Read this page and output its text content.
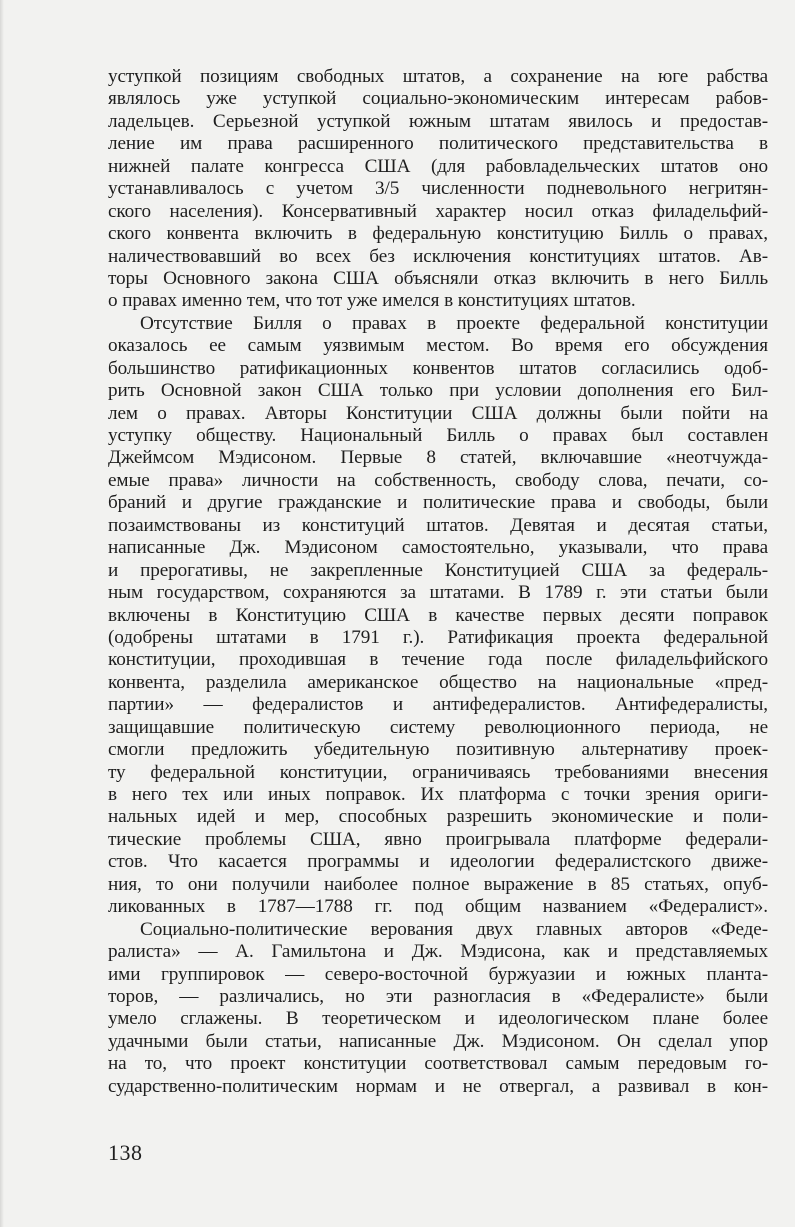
уступкой позициям свободных штатов, а сохранение на юге рабства
являлось уже уступкой социально-экономическим интересам рабов-
ладельцев. Серьезной уступкой южным штатам явилось и предостав-
ление им права расширенного политического представительства в
нижней палате конгресса США (для рабовладельческих штатов оно
устанавливалось с учетом 3/5 численности подневольного негритян-
ского населения). Консервативный характер носил отказ филадельфий-
ского конвента включить в федеральную конституцию Билль о правах,
наличествовавший во всех без исключения конституциях штатов. Ав-
торы Основного закона США объясняли отказ включить в него Билль
о правах именно тем, что тот уже имелся в конституциях штатов.
Отсутствие Билля о правах в проекте федеральной конституции
оказалось ее самым уязвимым местом. Во время его обсуждения
большинство ратификационных конвентов штатов согласились одоб-
рить Основной закон США только при условии дополнения его Бил-
лем о правах. Авторы Конституции США должны были пойти на
уступку обществу. Национальный Билль о правах был составлен
Джеймсом Мэдисоном. Первые 8 статей, включавшие «неотчужда-
емые права» личности на собственность, свободу слова, печати, со-
браний и другие гражданские и политические права и свободы, были
позаимствованы из конституций штатов. Девятая и десятая статьи,
написанные Дж. Мэдисоном самостоятельно, указывали, что права
и прерогативы, не закрепленные Конституцией США за федераль-
ным государством, сохраняются за штатами. В 1789 г. эти статьи были
включены в Конституцию США в качестве первых десяти поправок
(одобрены штатами в 1791 г.). Ратификация проекта федеральной
конституции, проходившая в течение года после филадельфийского
конвента, разделила американское общество на национальные «пред-
партии» — федералистов и антифедералистов. Антифедералисты,
защищавшие политическую систему революционного периода, не
смогли предложить убедительную позитивную альтернативу проек-
ту федеральной конституции, ограничиваясь требованиями внесения
в него тех или иных поправок. Их платформа с точки зрения ориги-
нальных идей и мер, способных разрешить экономические и поли-
тические проблемы США, явно проигрывала платформе федерали-
стов. Что касается программы и идеологии федералистского движе-
ния, то они получили наиболее полное выражение в 85 статьях, опуб-
ликованных в 1787—1788 гг. под общим названием «Федералист».
Социально-политические верования двух главных авторов «Феде-
ралиста» — А. Гамильтона и Дж. Мэдисона, как и представляемых
ими группировок — северо-восточной буржуазии и южных планта-
торов, — различались, но эти разногласия в «Федералисте» были
умело сглажены. В теоретическом и идеологическом плане более
удачными были статьи, написанные Дж. Мэдисоном. Он сделал упор
на то, что проект конституции соответствовал самым передовым го-
сударственно-политическим нормам и не отвергал, а развивал в кон-
138
